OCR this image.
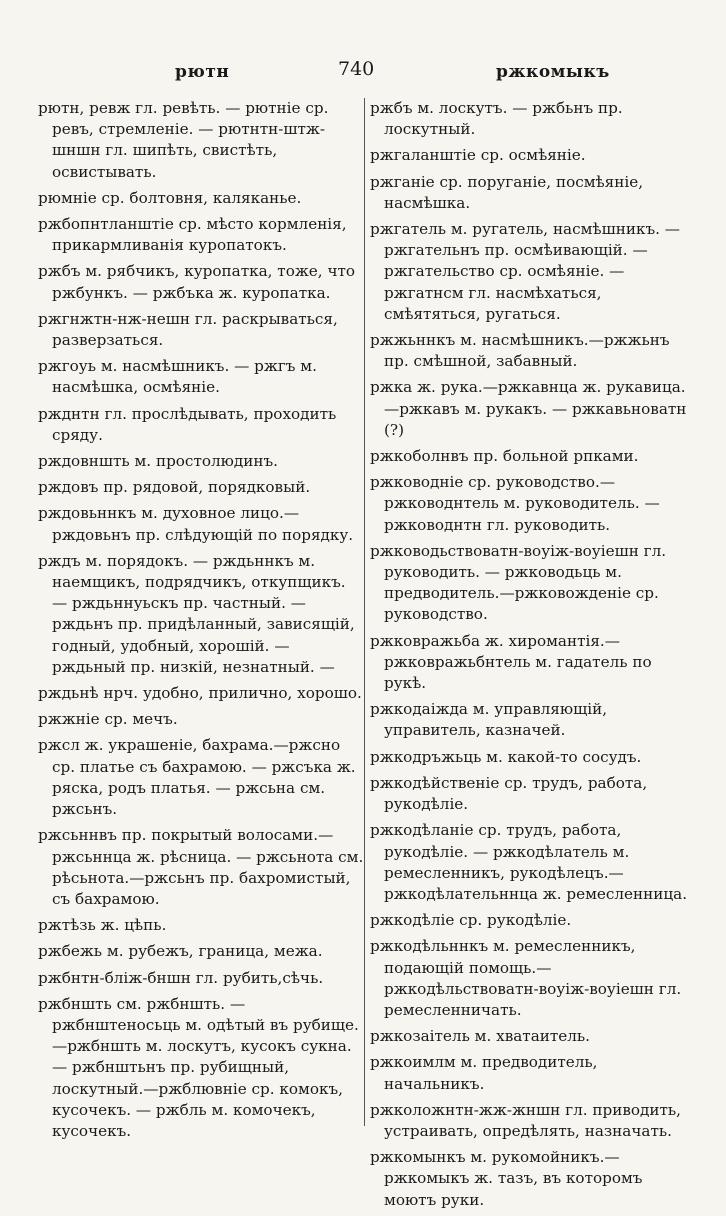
рютн	740	ржкомыкъ
рютн, ревж гл. ревѣть. — рютніе ср. ревъ, стремленіе. — рютнтн-штж-шншн гл. шипѣть, свистѣть, освистывать.
рюмніе ср. болтовня, каляканье.
ржбопнтланштіе ср. мѣсто кормленія, прикармливанія куропатокъ.
ржбъ м. рябчикъ, куропатка, тоже, что ржбункъ. — ржбъка ж. куропатка.
ржгнжтн-нж-нешн гл. раскрываться, разверзаться.
ржгоуь м. насмѣшникъ. — ржгъ м. насмѣшка, осмѣяніе.
ржднтн гл. прослѣдывать, проходить сряду.
рждовншть м. простолюдинъ.
рждовъ пр. рядовой, порядковый.
рждовьннкъ м. духовное лицо.—рждовьнъ пр. слѣдующій по порядку.
рждъ м. порядокъ. — рждьннкъ м. наемщикъ, подрядчикъ, откупщикъ. — рждьннуьскъ пр. частный. — рждьнъ пр. придѣланный, зависящій, годный, удобный, хорошій. — рждьный пр. низкій, незнатный. —
рждьнѣ нрч. удобно, прилично, хорошо.
ржжніе ср. мечъ.
ржсл ж. украшеніе, бахрама.—ржсно ср. платье съ бахрамою. — ржсъка ж. ряска, родъ платья. — ржсьна см. ржсьнъ.
ржсьннвъ пр. покрытый волосами.— ржсьннца ж. рѣсница. — ржсьнота см. рѣсьнота.—ржсьнъ пр. бахромистый, съ бахрамою.
ржтѣзь ж. цѣпь.
ржбежь м. рубежъ, граница, межа.
ржбнтн-бліж-бншн гл. рубить,сѣчь.
ржбншть см. ржбншть. — ржбнштеносьць м. одѣтый въ рубище.—ржбншть м. лоскутъ, кусокъ сукна.— ржбнштьнъ пр. рубищный, лоскутный.—ржблювніе ср. комокъ, кусочекъ. — ржбль м. комочекъ, кусочекъ.
ржбъ м. лоскутъ. — ржбьнъ пр. лоскутный.
ржгаланштіе ср. осмѣяніе.
ржганіе ср. поруганіе, посмѣяніе, насмѣшка.
ржгатель м. ругатель, насмѣшникъ. — ржгательнъ пр. осмѣивающій. — ржгательство ср. осмѣяніе. — ржгатнсм гл. насмѣхаться, смѣятяться, ругаться.
ржжьннкъ м. насмѣшникъ.—ржжьнъ пр. смѣшной, забавный.
ржка ж. рука.—ржкавнца ж. рукавица.—ржкавъ м. рукакъ. — ржкавьноватн (?)
ржкоболнвъ пр. больной рпками.
ржководніе ср. руководство.—ржководнтель м. руководитель. — ржководнтн гл. руководить.
ржководьствоватн-воуіж-воуіешн гл. руководить. — ржководьць м. предводитель.—ржковожденіе ср. руководство.
ржковражьба ж. хиромантія.—ржковражьбнтель м. гадатель по рукѣ.
ржкодаіжда м. управляющій, управитель, казначей.
ржкодръжьць м. какой-то сосудъ.
ржкодѣйственіе ср. трудъ, работа, рукодѣліе.
ржкодѣланіе ср. трудъ, работа, рукодѣліе. — ржкодѣлатель м. ремесленникъ, рукодѣлецъ.—ржкодѣлательннца ж. ремесленница.
ржкодѣліе ср. рукодѣліе.
ржкодѣльннкъ м. ремесленникъ, подающій помощь.—ржкодѣльствоватн-воуіж-воуіешн гл. ремесленничать.
ржкозаітель м. хватаитель.
ржкоимлм м. предводитель, начальникъ.
ржколожнтн-жж-жншн гл. приводить, устраивать, опредѣлять, назначать.
ржкомынкъ м. рукомойникъ.—ржкомыкъ ж. тазъ, въ которомъ моютъ руки.
